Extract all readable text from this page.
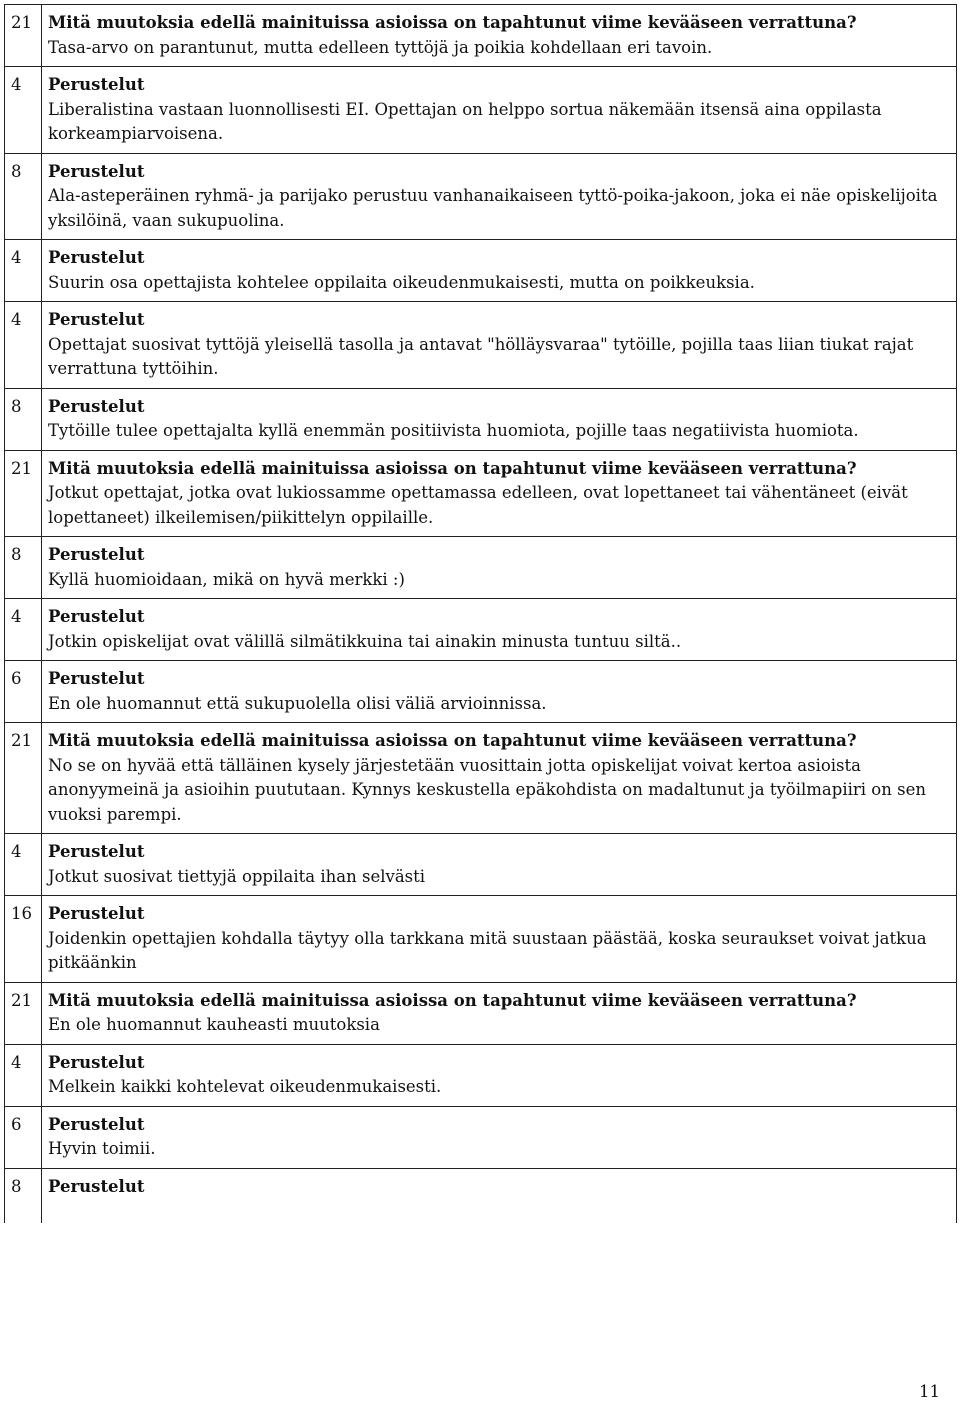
21	Mitä muutoksia edellä mainituissa asioissa on tapahtunut viime kevääseen verrattuna?
Tasa-arvo on parantunut, mutta edelleen tyttöjä ja poikia kohdellaan eri tavoin.

4	Perustelut
Liberalistina vastaan luonnollisesti EI. Opettajan on helppo sortua näkemään itsensä aina oppilasta korkeampiarvoisena.

8	Perustelut
Ala-asteperäinen ryhmä- ja parijako perustuu vanhanaikaiseen tyttö-poika-jakoon, joka ei näe opiskelijoita yksilöinä, vaan sukupuolina.

4	Perustelut
Suurin osa opettajista kohtelee oppilaita oikeudenmukaisesti, mutta on poikkeuksia.

4	Perustelut
Opettajat suosivat tyttöjä yleisellä tasolla ja antavat "hölläysvaraa" tytöille, pojilla taas liian tiukat rajat verrattuna tyttöihin.

8	Perustelut
Tytöille tulee opettajalta kyllä enemmän positiivista huomiota, pojille taas negatiivista huomiota.

21	Mitä muutoksia edellä mainituissa asioissa on tapahtunut viime kevääseen verrattuna?
Jotkut opettajat, jotka ovat lukiossamme opettamassa edelleen, ovat lopettaneet tai vähentäneet (eivät lopettaneet) ilkeilemisen/piikittelyn oppilaille.

8	Perustelut
Kyllä huomioidaan, mikä on hyvä merkki :)

4	Perustelut
Jotkin opiskelijat ovat välillä silmätikkuina tai ainakin minusta tuntuu siltä..

6	Perustelut
En ole huomannut että sukupuolella olisi väliä arvioinnissa.

21	Mitä muutoksia edellä mainituissa asioissa on tapahtunut viime kevääseen verrattuna?
No se on hyvää että tälläinen kysely järjestetään vuosittain jotta opiskelijat voivat kertoa asioista anonyymeinä ja asioihin puututaan. Kynnys keskustella epäkohdista on madaltunut ja työilmapiiri on sen vuoksi parempi.

4	Perustelut
Jotkut suosivat tiettyjä oppilaita ihan selvästi

16	Perustelut
Joidenkin opettajien kohdalla täytyy olla tarkkana mitä suustaan päästää, koska seuraukset voivat jatkua pitkäänkin

21	Mitä muutoksia edellä mainituissa asioissa on tapahtunut viime kevääseen verrattuna?
En ole huomannut kauheasti muutoksia

4	Perustelut
Melkein kaikki kohtelevat oikeudenmukaisesti.

6	Perustelut
Hyvin toimii.

8	Perustelut
11
